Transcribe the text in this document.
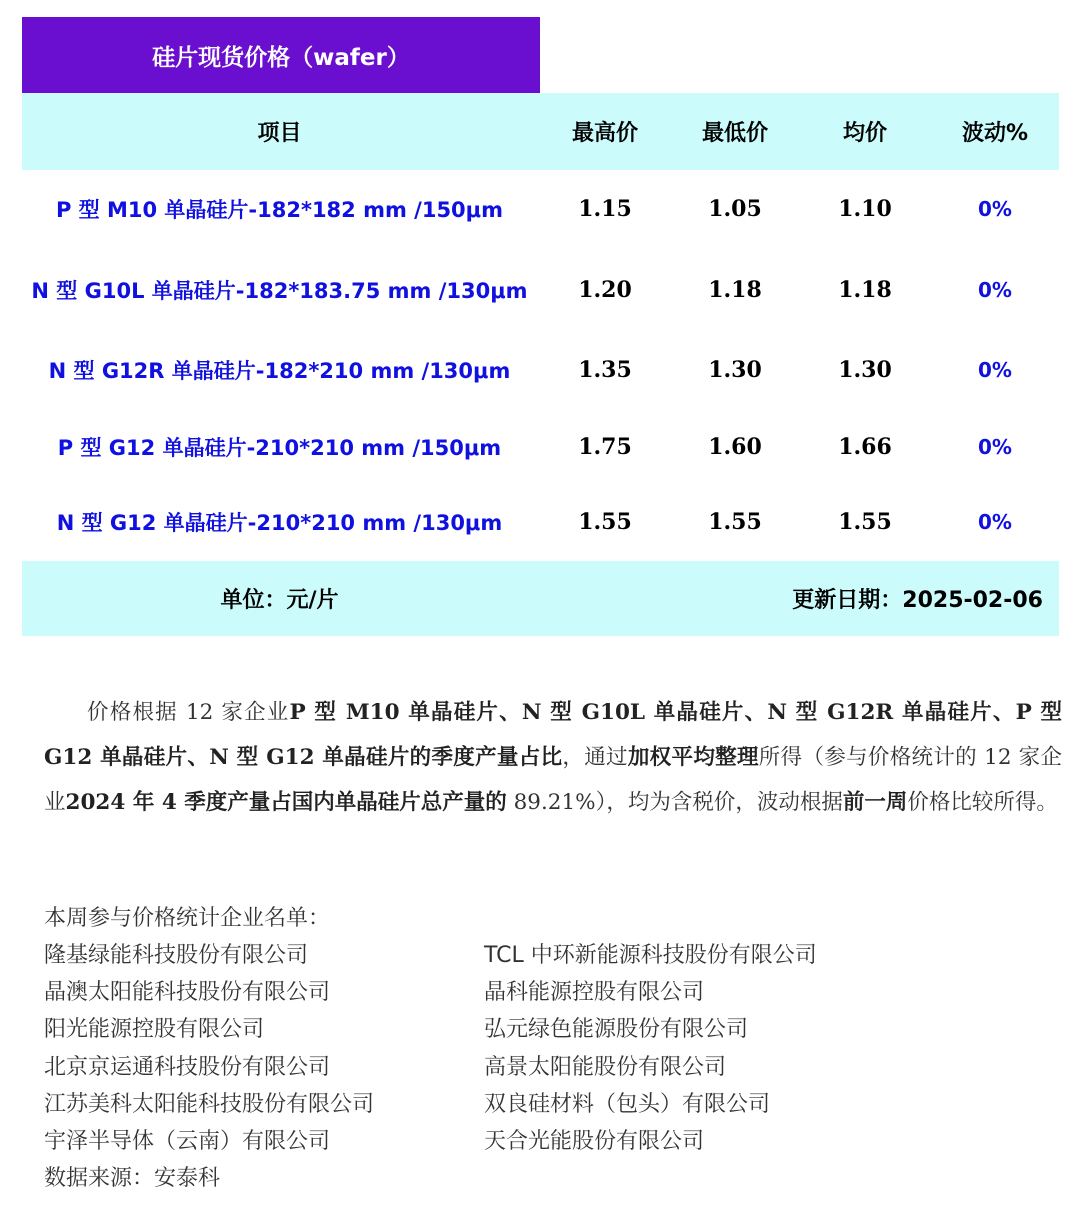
硅片现货价格（wafer）
项目	最高价	最低价	均价	波动%
P 型 M10 单晶硅片-182*182 mm /150μm	1.15	1.05	1.10	0%
N 型 G10L 单晶硅片-182*183.75 mm /130μm	1.20	1.18	1.18	0%
N 型 G12R 单晶硅片-182*210 mm /130μm	1.35	1.30	1.30	0%
P 型 G12 单晶硅片-210*210 mm /150μm	1.75	1.60	1.66	0%
N 型 G12 单晶硅片-210*210 mm /130μm	1.55	1.55	1.55	0%
单位：元/片	更新日期：2025-02-06
价格根据 12 家企业P 型 M10 单晶硅片、N 型 G10L 单晶硅片、N 型 G12R 单晶硅片、P 型 G12 单晶硅片、N 型 G12 单晶硅片的季度产量占比，通过加权平均整理所得（参与价格统计的 12 家企业2024 年 4 季度产量占国内单晶硅片总产量的 89.21%），均为含税价，波动根据前一周价格比较所得。
本周参与价格统计企业名单：
隆基绿能科技股份有限公司	TCL 中环新能源科技股份有限公司
晶澳太阳能科技股份有限公司	晶科能源控股有限公司
阳光能源控股有限公司	弘元绿色能源股份有限公司
北京京运通科技股份有限公司	高景太阳能股份有限公司
江苏美科太阳能科技股份有限公司	双良硅材料（包头）有限公司
宇泽半导体（云南）有限公司	天合光能股份有限公司
数据来源：安泰科
